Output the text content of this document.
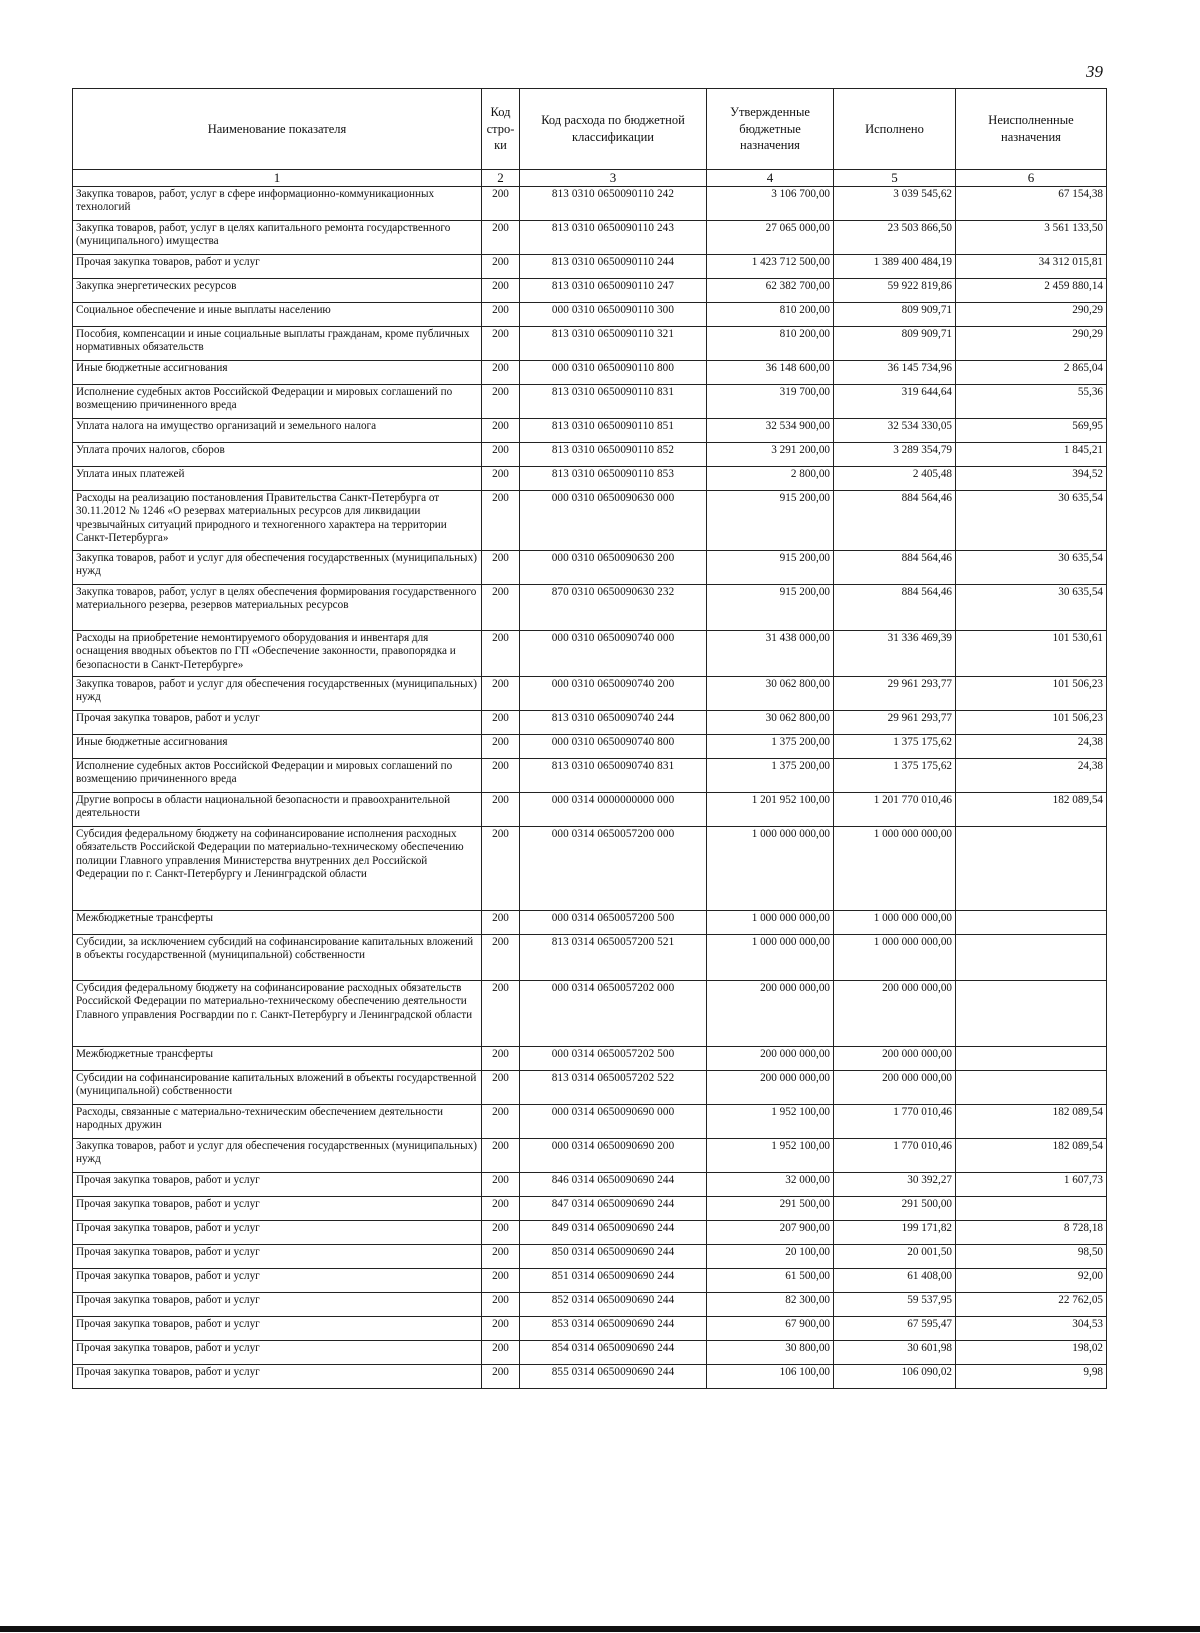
39
Наименование показателя	Код стро-ки	Код расхода по бюджетной классификации	Утвержденные бюджетные назначения	Исполнено	Неисполненные назначения
1	2	3	4	5	6
Закупка товаров, работ, услуг в сфере информационно-коммуникационных технологий	200	813 0310 0650090110 242	3 106 700,00	3 039 545,62	67 154,38
Закупка товаров, работ, услуг в целях капитального ремонта государственного (муниципального) имущества	200	813 0310 0650090110 243	27 065 000,00	23 503 866,50	3 561 133,50
Прочая закупка товаров, работ и услуг	200	813 0310 0650090110 244	1 423 712 500,00	1 389 400 484,19	34 312 015,81
Закупка энергетических ресурсов	200	813 0310 0650090110 247	62 382 700,00	59 922 819,86	2 459 880,14
Социальное обеспечение и иные выплаты населению	200	000 0310 0650090110 300	810 200,00	809 909,71	290,29
Пособия, компенсации и иные социальные выплаты гражданам, кроме публичных нормативных обязательств	200	813 0310 0650090110 321	810 200,00	809 909,71	290,29
Иные бюджетные ассигнования	200	000 0310 0650090110 800	36 148 600,00	36 145 734,96	2 865,04
Исполнение судебных актов Российской Федерации и мировых соглашений по возмещению причиненного вреда	200	813 0310 0650090110 831	319 700,00	319 644,64	55,36
Уплата налога на имущество организаций и земельного налога	200	813 0310 0650090110 851	32 534 900,00	32 534 330,05	569,95
Уплата прочих налогов, сборов	200	813 0310 0650090110 852	3 291 200,00	3 289 354,79	1 845,21
Уплата иных платежей	200	813 0310 0650090110 853	2 800,00	2 405,48	394,52
Расходы на реализацию постановления Правительства Санкт-Петербурга от 30.11.2012 № 1246 «О резервах материальных ресурсов для ликвидации чрезвычайных ситуаций природного и техногенного характера на территории Санкт-Петербурга»	200	000 0310 0650090630 000	915 200,00	884 564,46	30 635,54
Закупка товаров, работ и услуг для обеспечения государственных (муниципальных) нужд	200	000 0310 0650090630 200	915 200,00	884 564,46	30 635,54
Закупка товаров, работ, услуг в целях обеспечения формирования государственного материального резерва, резервов материальных ресурсов	200	870 0310 0650090630 232	915 200,00	884 564,46	30 635,54
Расходы на приобретение немонтируемого оборудования и инвентаря для оснащения вводных объектов по ГП «Обеспечение законности, правопорядка и безопасности в Санкт-Петербурге»	200	000 0310 0650090740 000	31 438 000,00	31 336 469,39	101 530,61
Закупка товаров, работ и услуг для обеспечения государственных (муниципальных) нужд	200	000 0310 0650090740 200	30 062 800,00	29 961 293,77	101 506,23
Прочая закупка товаров, работ и услуг	200	813 0310 0650090740 244	30 062 800,00	29 961 293,77	101 506,23
Иные бюджетные ассигнования	200	000 0310 0650090740 800	1 375 200,00	1 375 175,62	24,38
Исполнение судебных актов Российской Федерации и мировых соглашений по возмещению причиненного вреда	200	813 0310 0650090740 831	1 375 200,00	1 375 175,62	24,38
Другие вопросы в области национальной безопасности и правоохранительной деятельности	200	000 0314 0000000000 000	1 201 952 100,00	1 201 770 010,46	182 089,54
Субсидия федеральному бюджету на софинансирование исполнения расходных обязательств Российской Федерации по материально-техническому обеспечению полиции Главного управления Министерства внутренних дел Российской Федерации по г. Санкт-Петербургу и Ленинградской области	200	000 0314 0650057200 000	1 000 000 000,00	1 000 000 000,00	
Межбюджетные трансферты	200	000 0314 0650057200 500	1 000 000 000,00	1 000 000 000,00	
Субсидии, за исключением субсидий на софинансирование капитальных вложений в объекты государственной (муниципальной) собственности	200	813 0314 0650057200 521	1 000 000 000,00	1 000 000 000,00	
Субсидия федеральному бюджету на софинансирование расходных обязательств Российской Федерации по материально-техническому обеспечению деятельности Главного управления Росгвардии по г. Санкт-Петербургу и Ленинградской области	200	000 0314 0650057202 000	200 000 000,00	200 000 000,00	
Межбюджетные трансферты	200	000 0314 0650057202 500	200 000 000,00	200 000 000,00	
Субсидии на софинансирование капитальных вложений в объекты государственной (муниципальной) собственности	200	813 0314 0650057202 522	200 000 000,00	200 000 000,00	
Расходы, связанные с материально-техническим обеспечением деятельности народных дружин	200	000 0314 0650090690 000	1 952 100,00	1 770 010,46	182 089,54
Закупка товаров, работ и услуг для обеспечения государственных (муниципальных) нужд	200	000 0314 0650090690 200	1 952 100,00	1 770 010,46	182 089,54
Прочая закупка товаров, работ и услуг	200	846 0314 0650090690 244	32 000,00	30 392,27	1 607,73
Прочая закупка товаров, работ и услуг	200	847 0314 0650090690 244	291 500,00	291 500,00	
Прочая закупка товаров, работ и услуг	200	849 0314 0650090690 244	207 900,00	199 171,82	8 728,18
Прочая закупка товаров, работ и услуг	200	850 0314 0650090690 244	20 100,00	20 001,50	98,50
Прочая закупка товаров, работ и услуг	200	851 0314 0650090690 244	61 500,00	61 408,00	92,00
Прочая закупка товаров, работ и услуг	200	852 0314 0650090690 244	82 300,00	59 537,95	22 762,05
Прочая закупка товаров, работ и услуг	200	853 0314 0650090690 244	67 900,00	67 595,47	304,53
Прочая закупка товаров, работ и услуг	200	854 0314 0650090690 244	30 800,00	30 601,98	198,02
Прочая закупка товаров, работ и услуг	200	855 0314 0650090690 244	106 100,00	106 090,02	9,98
